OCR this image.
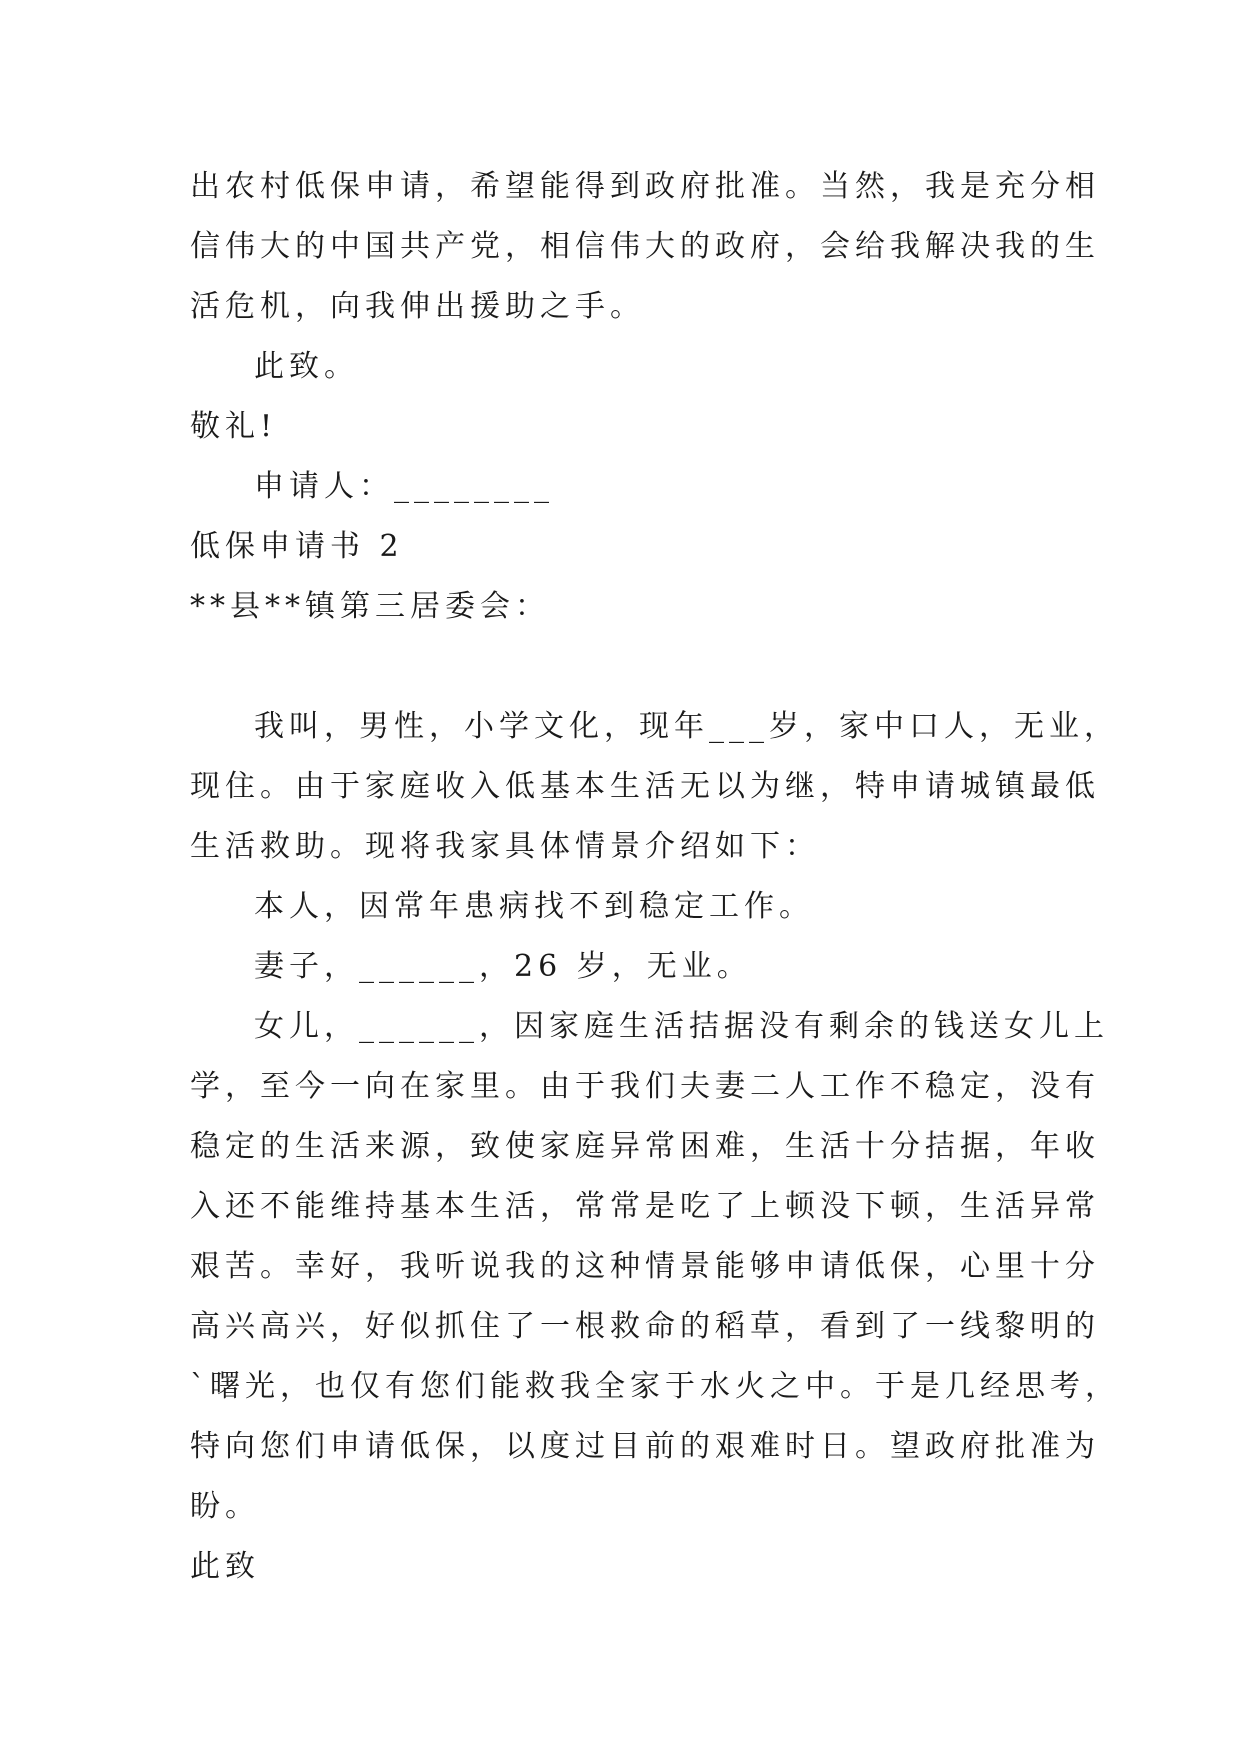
出农村低保申请，希望能得到政府批准。当然，我是充分相

信伟大的中国共产党，相信伟大的政府，会给我解决我的生

活危机，向我伸出援助之手。

此致。

敬礼!

申请人：________

低保申请书 2

**县**镇第三居委会：

我叫，男性，小学文化，现年___岁，家中口人，无业，

现住。由于家庭收入低基本生活无以为继，特申请城镇最低

生活救助。现将我家具体情景介绍如下：

本人，因常年患病找不到稳定工作。

妻子，______，26 岁，无业。

女儿，______，因家庭生活拮据没有剩余的钱送女儿上

学，至今一向在家里。由于我们夫妻二人工作不稳定，没有

稳定的生活来源，致使家庭异常困难，生活十分拮据，年收

入还不能维持基本生活，常常是吃了上顿没下顿，生活异常

艰苦。幸好，我听说我的这种情景能够申请低保，心里十分

高兴高兴，好似抓住了一根救命的稻草，看到了一线黎明的

`曙光，也仅有您们能救我全家于水火之中。于是几经思考，

特向您们申请低保，以度过目前的艰难时日。望政府批准为

盼。

此致
